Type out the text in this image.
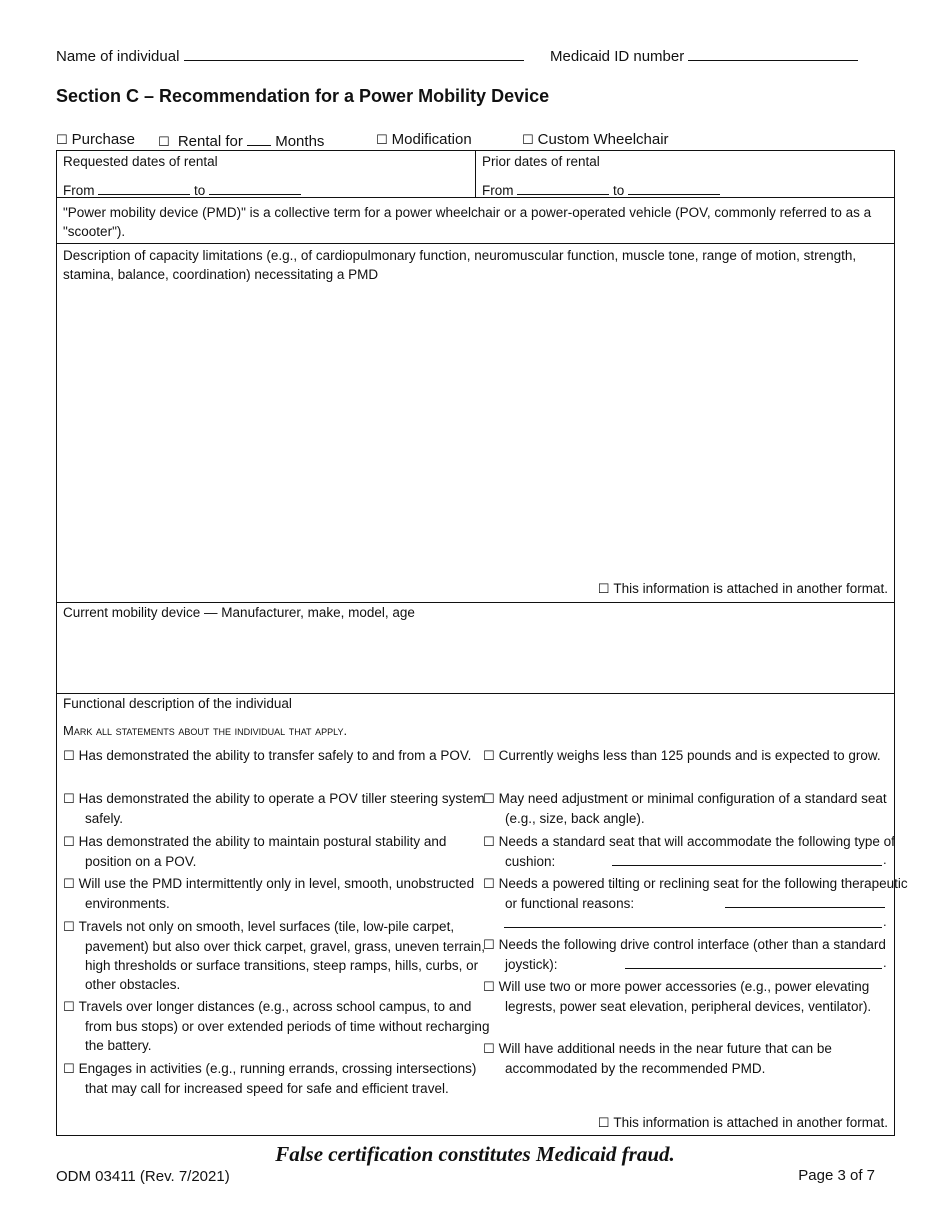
Name of individual	Medicaid ID number
Section C – Recommendation for a Power Mobility Device
☐ Purchase	☐ Rental for Months	☐ Modification	☐ Custom Wheelchair
Requested dates of rental
From	to
Prior dates of rental
From	to
"Power mobility device (PMD)" is a collective term for a power wheelchair or a power-operated vehicle (POV, commonly referred to as a "scooter").
Description of capacity limitations (e.g., of cardiopulmonary function, neuromuscular function, muscle tone, range of motion, strength, stamina, balance, coordination) necessitating a PMD
☐ This information is attached in another format.
Current mobility device — Manufacturer, make, model, age
Functional description of the individual
Mark all statements about the individual that apply.
☐ Has demonstrated the ability to transfer safely to and from a POV.
☐ Has demonstrated the ability to operate a POV tiller steering system safely.
☐ Has demonstrated the ability to maintain postural stability and position on a POV.
☐ Will use the PMD intermittently only in level, smooth, unobstructed environments.
☐ Travels not only on smooth, level surfaces (tile, low-pile carpet, pavement) but also over thick carpet, gravel, grass, uneven terrain, high thresholds or surface transitions, steep ramps, hills, curbs, or other obstacles.
☐ Travels over longer distances (e.g., across school campus, to and from bus stops) or over extended periods of time without recharging the battery.
☐ Engages in activities (e.g., running errands, crossing intersections) that may call for increased speed for safe and efficient travel.
☐ Currently weighs less than 125 pounds and is expected to grow.
☐ May need adjustment or minimal configuration of a standard seat (e.g., size, back angle).
☐ Needs a standard seat that will accommodate the following type of cushion:	.
☐ Needs a powered tilting or reclining seat for the following therapeutic or functional reasons:
.
☐ Needs the following drive control interface (other than a standard joystick):	.
☐ Will use two or more power accessories (e.g., power elevating legrests, power seat elevation, peripheral devices, ventilator).
☐ Will have additional needs in the near future that can be accommodated by the recommended PMD.
☐ This information is attached in another format.
False certification constitutes Medicaid fraud.
ODM 03411 (Rev. 7/2021)	Page 3 of 7
